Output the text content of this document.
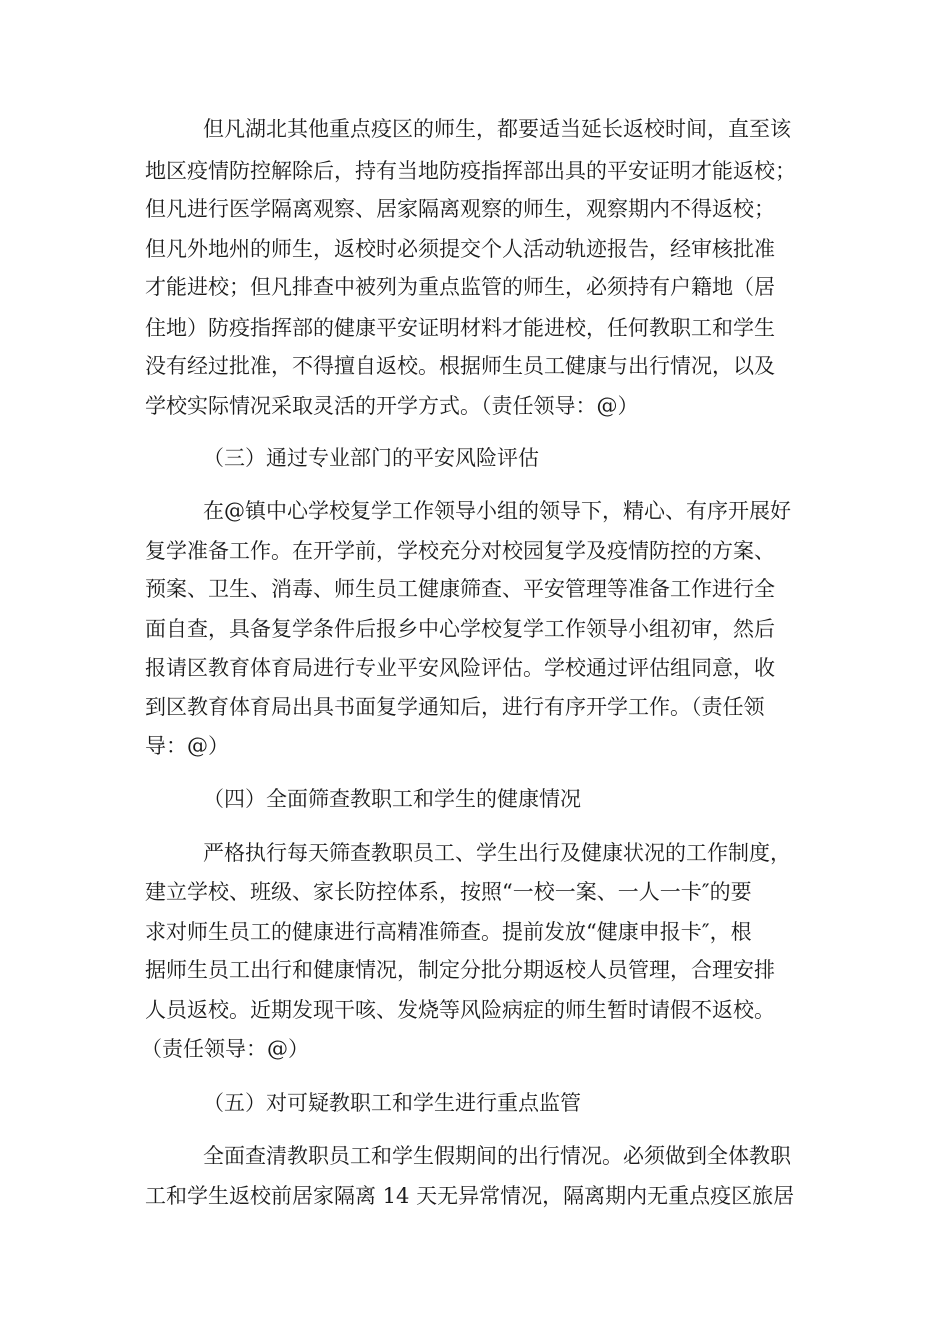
但凡湖北其他重点疫区的师生，都要适当延长返校时间，直至该

地区疫情防控解除后，持有当地防疫指挥部出具的平安证明才能返校；

但凡进行医学隔离观察、居家隔离观察的师生，观察期内不得返校；

但凡外地州的师生，返校时必须提交个人活动轨迹报告，经审核批准

才能进校；但凡排查中被列为重点监管的师生，必须持有户籍地（居

住地）防疫指挥部的健康平安证明材料才能进校，任何教职工和学生

没有经过批准，不得擅自返校。根据师生员工健康与出行情况，以及

学校实际情况采取灵活的开学方式。（责任领导：@）

（三）通过专业部门的平安风险评估

在@镇中心学校复学工作领导小组的领导下，精心、有序开展好

复学准备工作。在开学前，学校充分对校园复学及疫情防控的方案、

预案、卫生、消毒、师生员工健康筛查、平安管理等准备工作进行全

面自查，具备复学条件后报乡中心学校复学工作领导小组初审，然后

报请区教育体育局进行专业平安风险评估。学校通过评估组同意，收

到区教育体育局出具书面复学通知后，进行有序开学工作。（责任领

导：@）

（四）全面筛查教职工和学生的健康情况

严格执行每天筛查教职员工、学生出行及健康状况的工作制度，

建立学校、班级、家长防控体系，按照“一校一案、一人一卡″的要

求对师生员工的健康进行高精准筛查。提前发放“健康申报卡″，根

据师生员工出行和健康情况，制定分批分期返校人员管理，合理安排

人员返校。近期发现干咳、发烧等风险病症的师生暂时请假不返校。

（责任领导：@）

（五）对可疑教职工和学生进行重点监管

全面查清教职员工和学生假期间的出行情况。必须做到全体教职

工和学生返校前居家隔离 14 天无异常情况，隔离期内无重点疫区旅居
